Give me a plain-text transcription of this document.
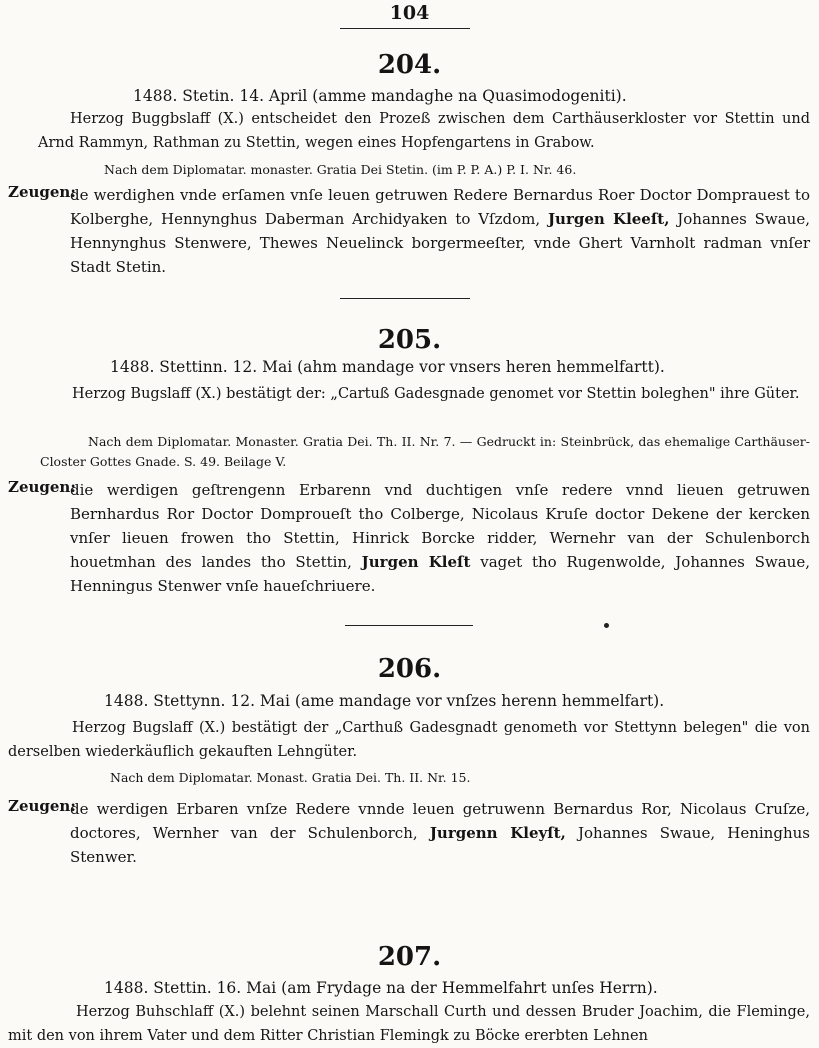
104
204.
1488. Stetin. 14. April (amme mandaghe na Quasimodogeniti).
Herzog Buggbslaff (X.) entscheidet den Prozeß zwischen dem Carthäuserkloster vor Stettin und Arnd Rammyn, Rathman zu Stettin, wegen eines Hopfengartens in Grabow.
Nach dem Diplomatar. monaster. Gratia Dei Stetin. (im P. P. A.) P. I. Nr. 46.
Zeugen:
de werdighen vnde erſamen vnſe leuen getruwen Redere Bernardus Roer Doctor Domprauest to Kolberghe, Hennynghus Daberman Archidyaken to Vſzdom, Jurgen Kleeſt, Johannes Swaue, Hennynghus Stenwere, Thewes Neuelinck borgermeeſter, vnde Ghert Varnholt radman vnſer Stadt Stetin.
205.
1488. Stettinn. 12. Mai (ahm mandage vor vnsers heren hemmelfartt).
Herzog Bugslaff (X.) bestätigt der: „Cartuß Gadesgnade genomet vor Stettin boleghen" ihre Güter.
Nach dem Diplomatar. Monaster. Gratia Dei. Th. II. Nr. 7. — Gedruckt in: Steinbrück, das ehemalige Carthäuser-Closter Gottes Gnade. S. 49. Beilage V.
Zeugen:
die werdigen geſtrengenn Erbarenn vnd duchtigen vnſe redere vnnd lieuen getruwen Bernhardus Ror Doctor Domproueſt tho Colberge, Nicolaus Kruſe doctor Dekene der kercken vnſer lieuen frowen tho Stettin, Hinrick Borcke ridder, Wernehr van der Schulenborch houetmhan des landes tho Stettin, Jurgen Kleſt vaget tho Rugenwolde, Johannes Swaue, Henningus Stenwer vnſe haueſchriuere.
206.
1488. Stettynn. 12. Mai (ame mandage vor vnſzes herenn hemmelfart).
Herzog Bugslaff (X.) bestätigt der „Carthuß Gadesgnadt genometh vor Stettynn belegen" die von derselben wiederkäuflich gekauften Lehngüter.
Nach dem Diplomatar. Monast. Gratia Dei. Th. II. Nr. 15.
Zeugen:
de werdigen Erbaren vnſze Redere vnnde leuen getruwenn Bernardus Ror, Nicolaus Cruſze, doctores, Wernher van der Schulenborch, Jurgenn Kleyſt, Johannes Swaue, Heninghus Stenwer.
207.
1488. Stettin. 16. Mai (am Frydage na der Hemmelfahrt unſes Herrn).
Herzog Buhschlaff (X.) belehnt seinen Marschall Curth und dessen Bruder Joachim, die Fleminge, mit den von ihrem Vater und dem Ritter Christian Flemingk zu Böcke ererbten Lehnen
